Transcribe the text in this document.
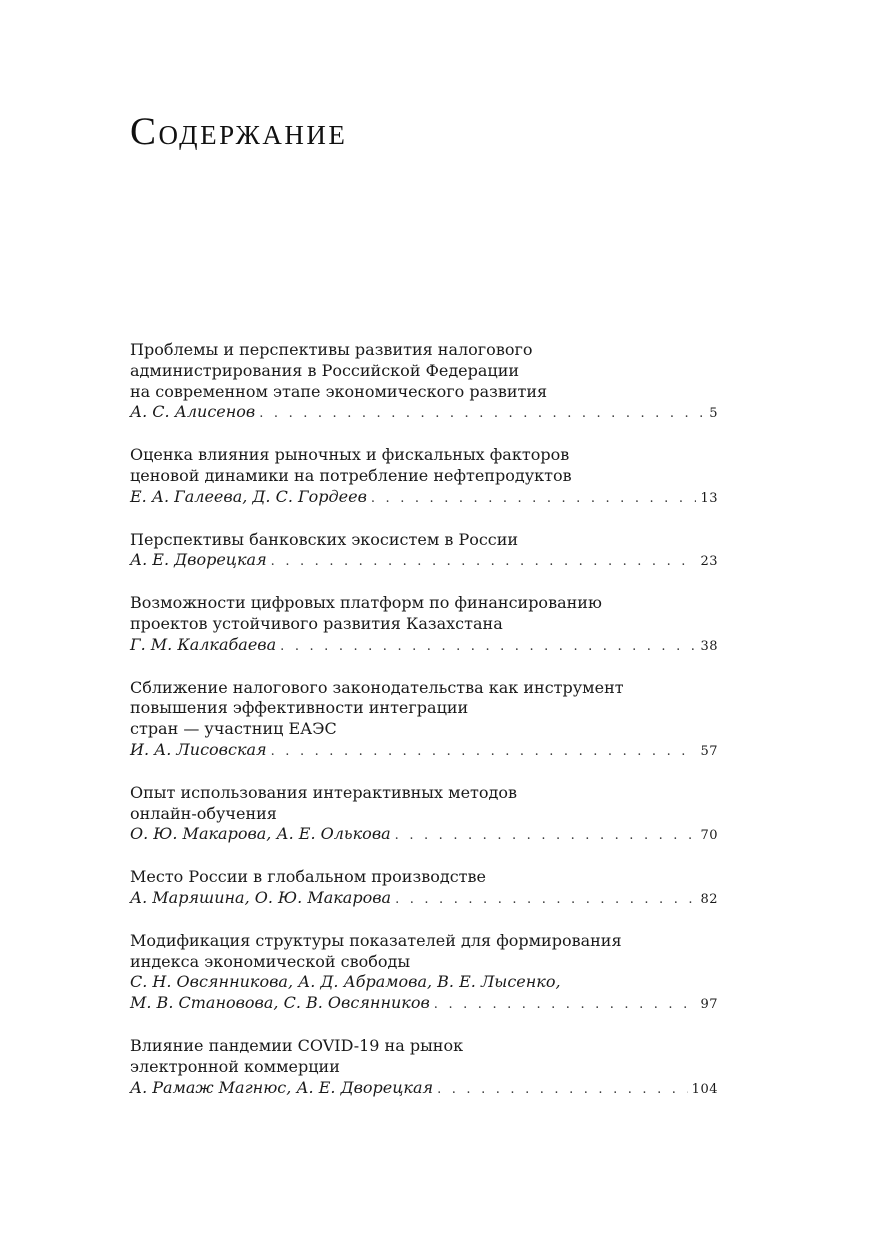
Содержание
Проблемы и перспективы развития налогового
администрирования в Российской Федерации
на современном этапе экономического развития
А. С. Алисенов . . .	5
Оценка влияния рыночных и фискальных факторов
ценовой динамики на потребление нефтепродуктов
Е. А. Галеева, Д. С. Гордеев . . .	13
Перспективы банковских экосистем в России
А. Е. Дворецкая . . .	23
Возможности цифровых платформ по финансированию
проектов устойчивого развития Казахстана
Г. М. Калкабаева . . .	38
Сближение налогового законодательства как инструмент
повышения эффективности интеграции
стран — участниц ЕАЭС
И. А. Лисовская . . .	57
Опыт использования интерактивных методов
онлайн-обучения
О. Ю. Макарова, А. Е. Олькова . . .	70
Место России в глобальном производстве
А. Маряшина, О. Ю. Макарова . . .	82
Модификация структуры показателей для формирования
индекса экономической свободы
С. Н. Овсянникова, А. Д. Абрамова, В. Е. Лысенко,
М. В. Становова, С. В. Овсянников . . .	97
Влияние пандемии COVID-19 на рынок
электронной коммерции
А. Рамаж Магнюс, А. Е. Дворецкая . . .	104
